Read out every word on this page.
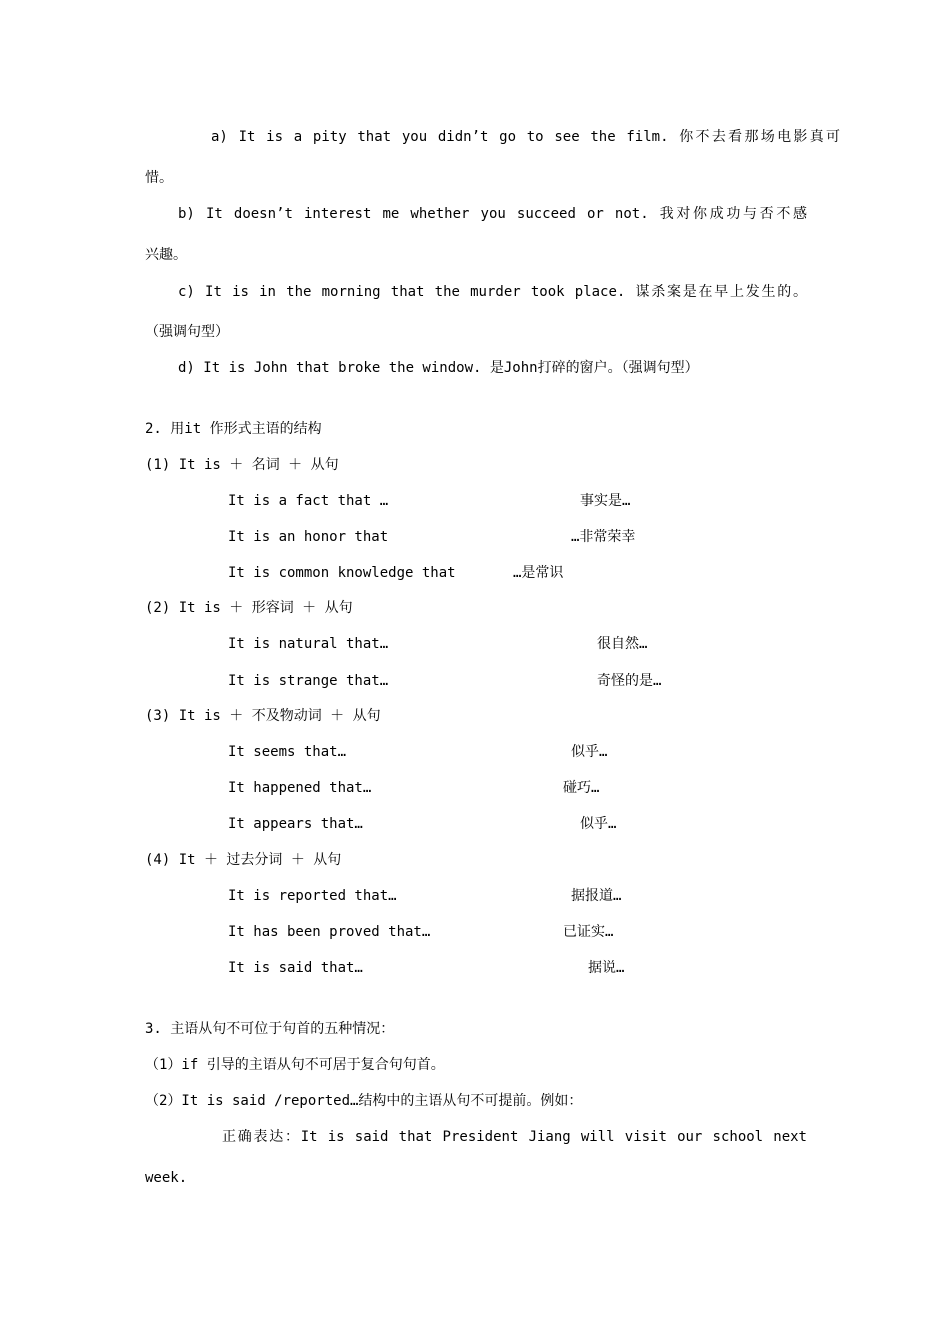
a) It is a pity that you didn’t go to see the film. 你不去看那场电影真可
惜。
b) It doesn’t interest me whether you succeed or not. 我对你成功与否不感
兴趣。
c) It is in the morning that the murder took place. 谋杀案是在早上发生的。
（强调句型）
d) It is John that broke the window. 是John打碎的窗户。（强调句型）
2. 用it 作形式主语的结构
(1) It is ＋ 名词 ＋ 从句
It is a fact that …	事实是…
It is an honor that	…非常荣幸
It is common knowledge that	…是常识
(2) It is ＋ 形容词 ＋ 从句
It is natural that…	很自然…
It is strange that…	奇怪的是…
(3) It is ＋ 不及物动词 ＋ 从句
It seems that…	似乎…
It happened that…	碰巧…
It appears that…	似乎…
(4) It ＋ 过去分词 ＋ 从句
It is reported that…	据报道…
It has been proved that…	已证实…
It is said that…	据说…
3. 主语从句不可位于句首的五种情况：
（1）if 引导的主语从句不可居于复合句句首。
（2）It is said /reported…结构中的主语从句不可提前。例如：
正确表达：It is said that President Jiang will visit our school next
week.
